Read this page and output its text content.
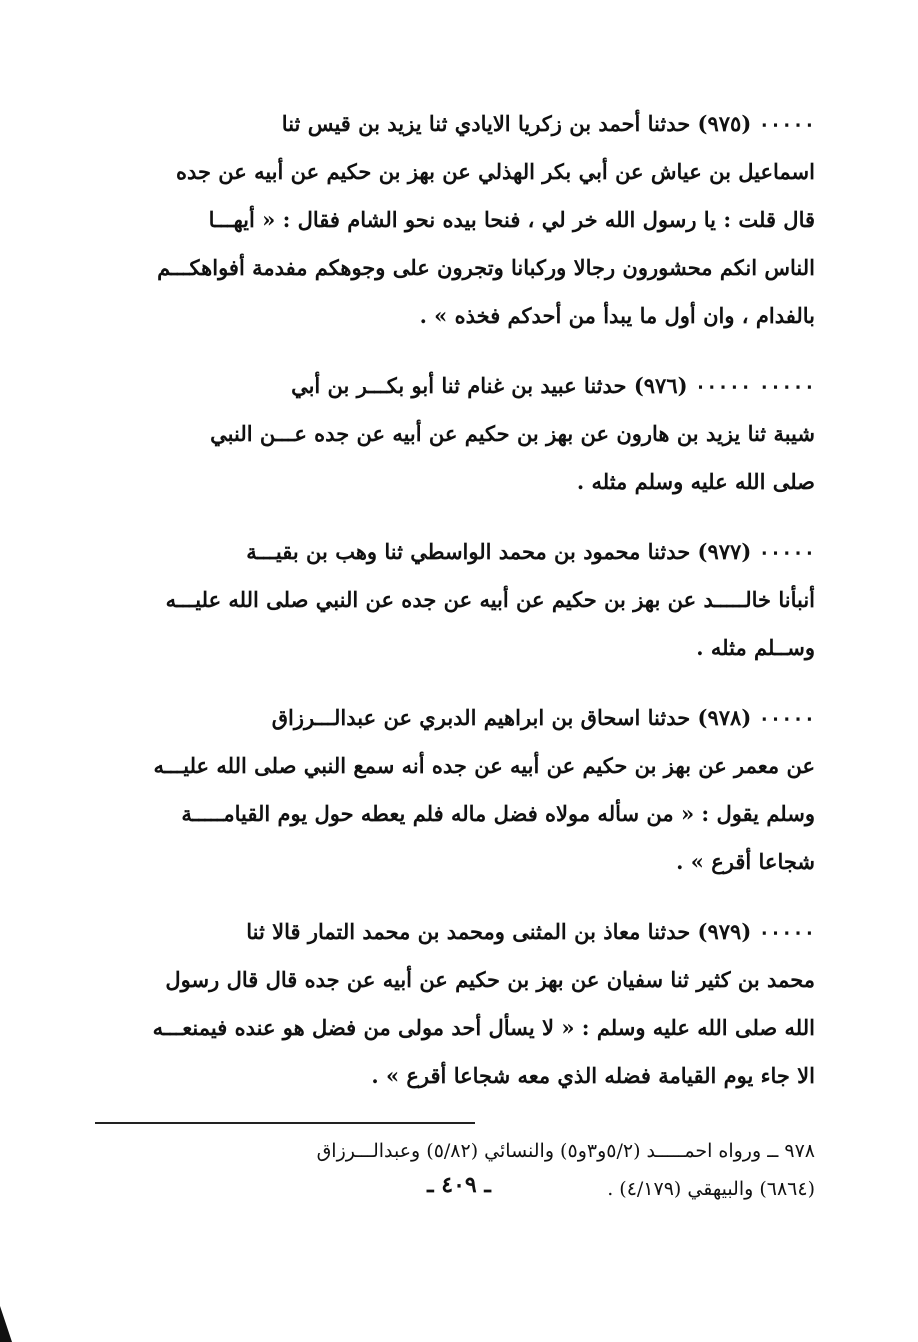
٠٠٠٠٠ (٩٧٥) حدثنا أحمد بن زكريا الايادي ثنا يزيد بن قيس ثنا

اسماعيل بن عياش عن أبي بكر الهذلي عن بهز بن حكيم عن أبيه عن جده

قال قلت : يا رسول الله خر لي ، فنحا بيده نحو الشام فقال : « أيهـــا

الناس انكم محشورون رجالا وركبانا وتجرون على وجوهكم مفدمة أفواهكـــم

بالفدام ، وان أول ما يبدأ من أحدكم فخذه » .

٠٠٠٠٠ ٠٠٠٠٠ (٩٧٦) حدثنا عبيد بن غنام ثنا أبو بكـــر بن أبي

شيبة ثنا يزيد بن هارون عن بهز بن حكيم عن أبيه عن جده عـــن النبي

صلى الله عليه وسلم مثله .

٠٠٠٠٠ (٩٧٧) حدثنا محمود بن محمد الواسطي ثنا وهب بن بقيـــة

أنبأنا خالـــــد عن بهز بن حكيم عن أبيه عن جده عن النبي صلى الله عليـــه

وســلم مثله .

٠٠٠٠٠ (٩٧٨) حدثنا اسحاق بن ابراهيم الدبري عن عبدالـــرزاق

عن معمر عن بهز بن حكيم عن أبيه عن جده أنه سمع النبي صلى الله عليـــه

وسلم يقول : « من سأله مولاه فضل ماله فلم يعطه حول يوم القيامـــــة

شجاعا أقرع » .

٠٠٠٠٠ (٩٧٩) حدثنا معاذ بن المثنى ومحمد بن محمد التمار قالا ثنا

محمد بن كثير ثنا سفيان عن بهز بن حكيم عن أبيه عن جده قال قال رسول

الله صلى الله عليه وسلم : « لا يسأل أحد مولى من فضل هو عنده فيمنعـــه

الا جاء يوم القيامة فضله الذي معه شجاعا أقرع » .

٩٧٨ ــ ورواه احمـــــد (٥/٢و٣و٥) والنسائي (٥/٨٢) وعبدالـــرزاق

(٦٨٦٤) والبيهقي (٤/١٧٩) .

ـ ٤٠٩ ـ
